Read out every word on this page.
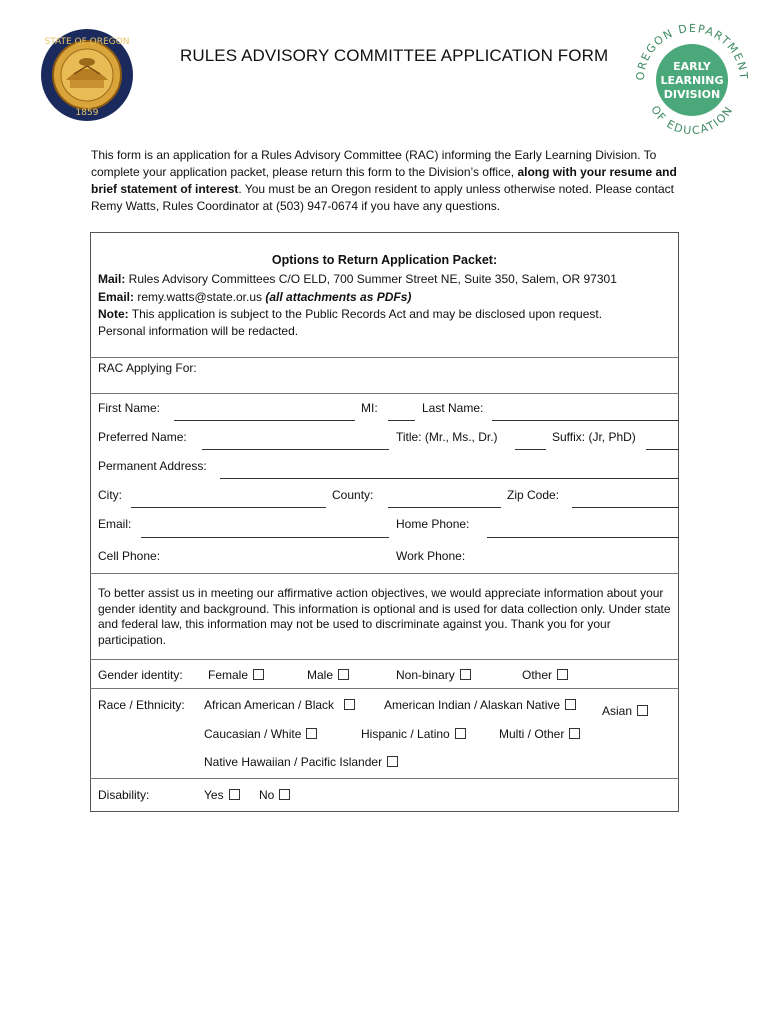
STATE OF OREGON
1859
RULES ADVISORY COMMITTEE APPLICATION FORM
OREGON DEPARTMENT
OF EDUCATION
EARLY
LEARNING
DIVISION
This form is an application for a Rules Advisory Committee (RAC) informing the Early Learning Division. To complete your application packet, please return this form to the Division’s office, along with your resume and brief statement of interest. You must be an Oregon resident to apply unless otherwise noted. Please contact Remy Watts, Rules Coordinator at (503) 947-0674 if you have any questions.
Options to Return Application Packet:
Mail: Rules Advisory Committees C/O ELD, 700 Summer Street NE, Suite 350, Salem, OR 97301
Email: remy.watts@state.or.us (all attachments as PDFs)
Note: This application is subject to the Public Records Act and may be disclosed upon request.
Personal information will be redacted.
RAC Applying For:
First Name:	MI:	Last Name:
Preferred Name:	Title: (Mr., Ms., Dr.)	Suffix: (Jr, PhD)
Permanent Address:
City:	County:	Zip Code:
Email:	Home Phone:
Cell Phone:	Work Phone:
To better assist us in meeting our affirmative action objectives, we would appreciate information about your gender identity and background. This information is optional and is used for data collection only. Under state and federal law, this information may not be used to discriminate against you. Thank you for your participation.
Gender identity: Female	Male	Non-binary	Other
Race / Ethnicity: African American / Black	American Indian / Alaskan Native	Asian
Caucasian / White	Hispanic / Latino	Multi / Other
Native Hawaiian / Pacific Islander
Disability:	Yes	No
